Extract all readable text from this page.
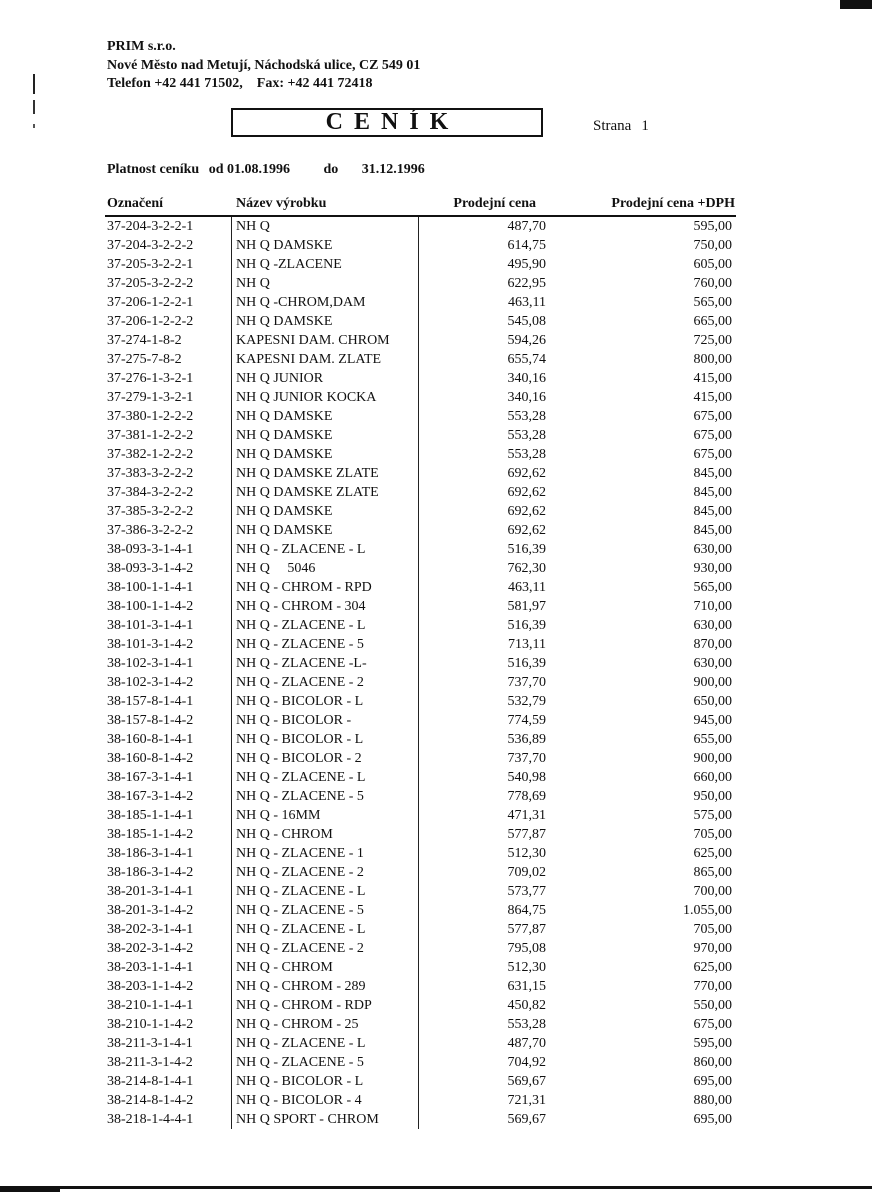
PRIM s.r.o.
Nové Město nad Metují, Náchodská ulice, CZ 549 01
Telefon +42 441 71502,    Fax: +42 441 72418
CENÍK	Strana 1
Platnost ceníku od 01.08.1996 do 31.12.1996
Označení	Název výrobku	Prodejní cena	Prodejní cena +DPH
37-204-3-2-2-1	NH Q	487,70	595,00
37-204-3-2-2-2	NH Q DAMSKE	614,75	750,00
37-205-3-2-2-1	NH Q -ZLACENE	495,90	605,00
37-205-3-2-2-2	NH Q	622,95	760,00
37-206-1-2-2-1	NH Q -CHROM,DAM	463,11	565,00
37-206-1-2-2-2	NH Q DAMSKE	545,08	665,00
37-274-1-8-2	KAPESNI DAM. CHROM	594,26	725,00
37-275-7-8-2	KAPESNI DAM. ZLATE	655,74	800,00
37-276-1-3-2-1	NH Q JUNIOR	340,16	415,00
37-279-1-3-2-1	NH Q JUNIOR KOCKA	340,16	415,00
37-380-1-2-2-2	NH Q DAMSKE	553,28	675,00
37-381-1-2-2-2	NH Q DAMSKE	553,28	675,00
37-382-1-2-2-2	NH Q DAMSKE	553,28	675,00
37-383-3-2-2-2	NH Q DAMSKE ZLATE	692,62	845,00
37-384-3-2-2-2	NH Q DAMSKE ZLATE	692,62	845,00
37-385-3-2-2-2	NH Q DAMSKE	692,62	845,00
37-386-3-2-2-2	NH Q DAMSKE	692,62	845,00
38-093-3-1-4-1	NH Q - ZLACENE - L	516,39	630,00
38-093-3-1-4-2	NH Q     5046	762,30	930,00
38-100-1-1-4-1	NH Q - CHROM - RPD	463,11	565,00
38-100-1-1-4-2	NH Q - CHROM - 304	581,97	710,00
38-101-3-1-4-1	NH Q - ZLACENE - L	516,39	630,00
38-101-3-1-4-2	NH Q - ZLACENE - 5	713,11	870,00
38-102-3-1-4-1	NH Q - ZLACENE -L-	516,39	630,00
38-102-3-1-4-2	NH Q - ZLACENE - 2	737,70	900,00
38-157-8-1-4-1	NH Q - BICOLOR - L	532,79	650,00
38-157-8-1-4-2	NH Q - BICOLOR -	774,59	945,00
38-160-8-1-4-1	NH Q - BICOLOR - L	536,89	655,00
38-160-8-1-4-2	NH Q - BICOLOR - 2	737,70	900,00
38-167-3-1-4-1	NH Q - ZLACENE - L	540,98	660,00
38-167-3-1-4-2	NH Q - ZLACENE - 5	778,69	950,00
38-185-1-1-4-1	NH Q - 16MM	471,31	575,00
38-185-1-1-4-2	NH Q - CHROM	577,87	705,00
38-186-3-1-4-1	NH Q - ZLACENE - 1	512,30	625,00
38-186-3-1-4-2	NH Q - ZLACENE - 2	709,02	865,00
38-201-3-1-4-1	NH Q - ZLACENE - L	573,77	700,00
38-201-3-1-4-2	NH Q - ZLACENE - 5	864,75	1.055,00
38-202-3-1-4-1	NH Q - ZLACENE - L	577,87	705,00
38-202-3-1-4-2	NH Q - ZLACENE - 2	795,08	970,00
38-203-1-1-4-1	NH Q - CHROM	512,30	625,00
38-203-1-1-4-2	NH Q - CHROM - 289	631,15	770,00
38-210-1-1-4-1	NH Q - CHROM - RDP	450,82	550,00
38-210-1-1-4-2	NH Q - CHROM - 25	553,28	675,00
38-211-3-1-4-1	NH Q - ZLACENE - L	487,70	595,00
38-211-3-1-4-2	NH Q - ZLACENE - 5	704,92	860,00
38-214-8-1-4-1	NH Q - BICOLOR - L	569,67	695,00
38-214-8-1-4-2	NH Q - BICOLOR - 4	721,31	880,00
38-218-1-4-4-1	NH Q SPORT - CHROM	569,67	695,00
